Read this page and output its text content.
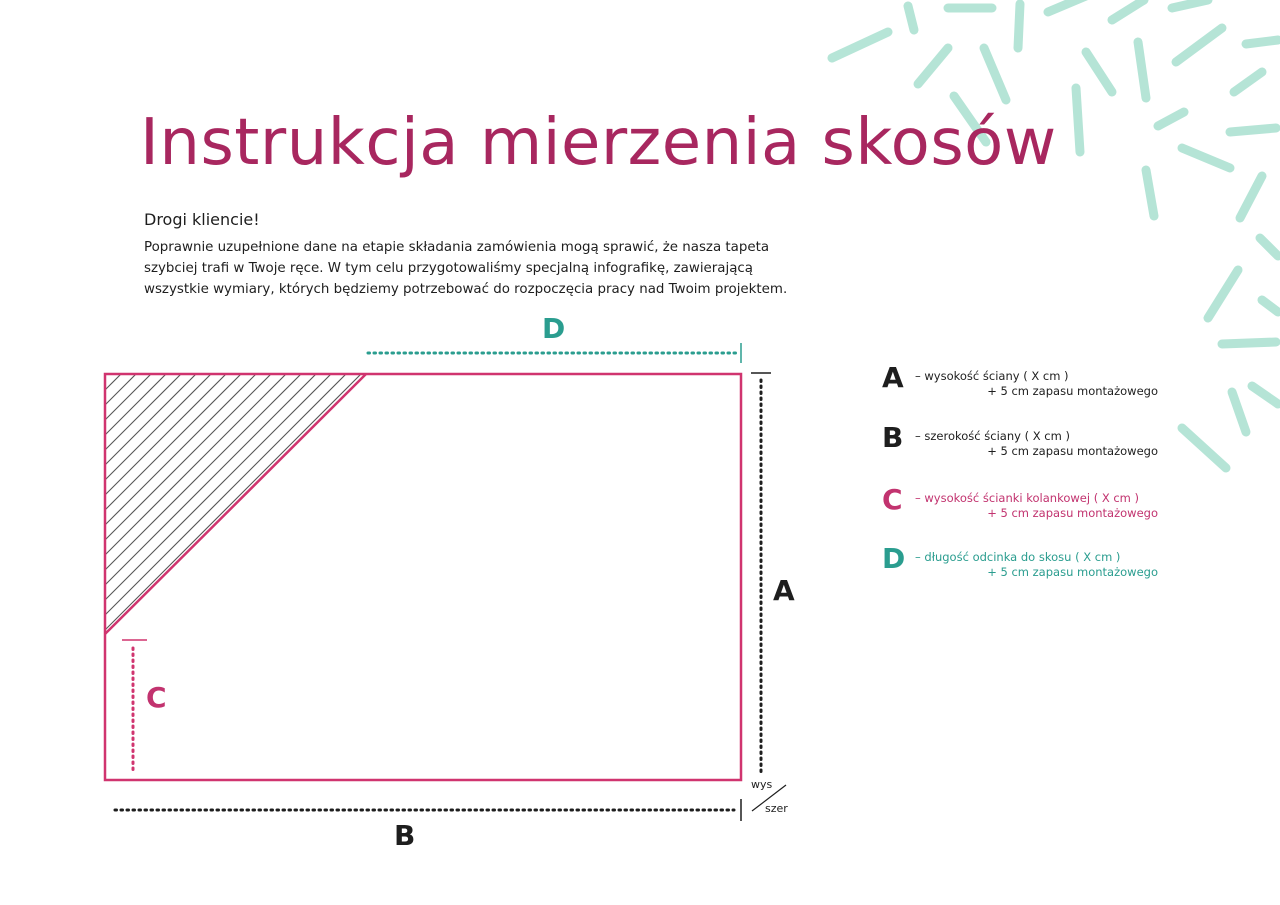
Instrukcja mierzenia skosów

Drogi kliencie!

Poprawnie uzupełnione dane na etapie składania zamówienia mogą sprawić, że nasza tapeta
szybciej trafi w Twoje ręce. W tym celu przygotowaliśmy specjalną infografikę, zawierającą
wszystkie wymiary, których będziemy potrzebować do rozpoczęcia pracy nad Twoim projektem.

D
A
B
C
wys
szer
A – wysokość ściany ( X cm )
+ 5 cm zapasu montażowego
B – szerokość ściany ( X cm )
+ 5 cm zapasu montażowego
C – wysokość ścianki kolankowej ( X cm )
+ 5 cm zapasu montażowego
D – długość odcinka do skosu ( X cm )
+ 5 cm zapasu montażowego
